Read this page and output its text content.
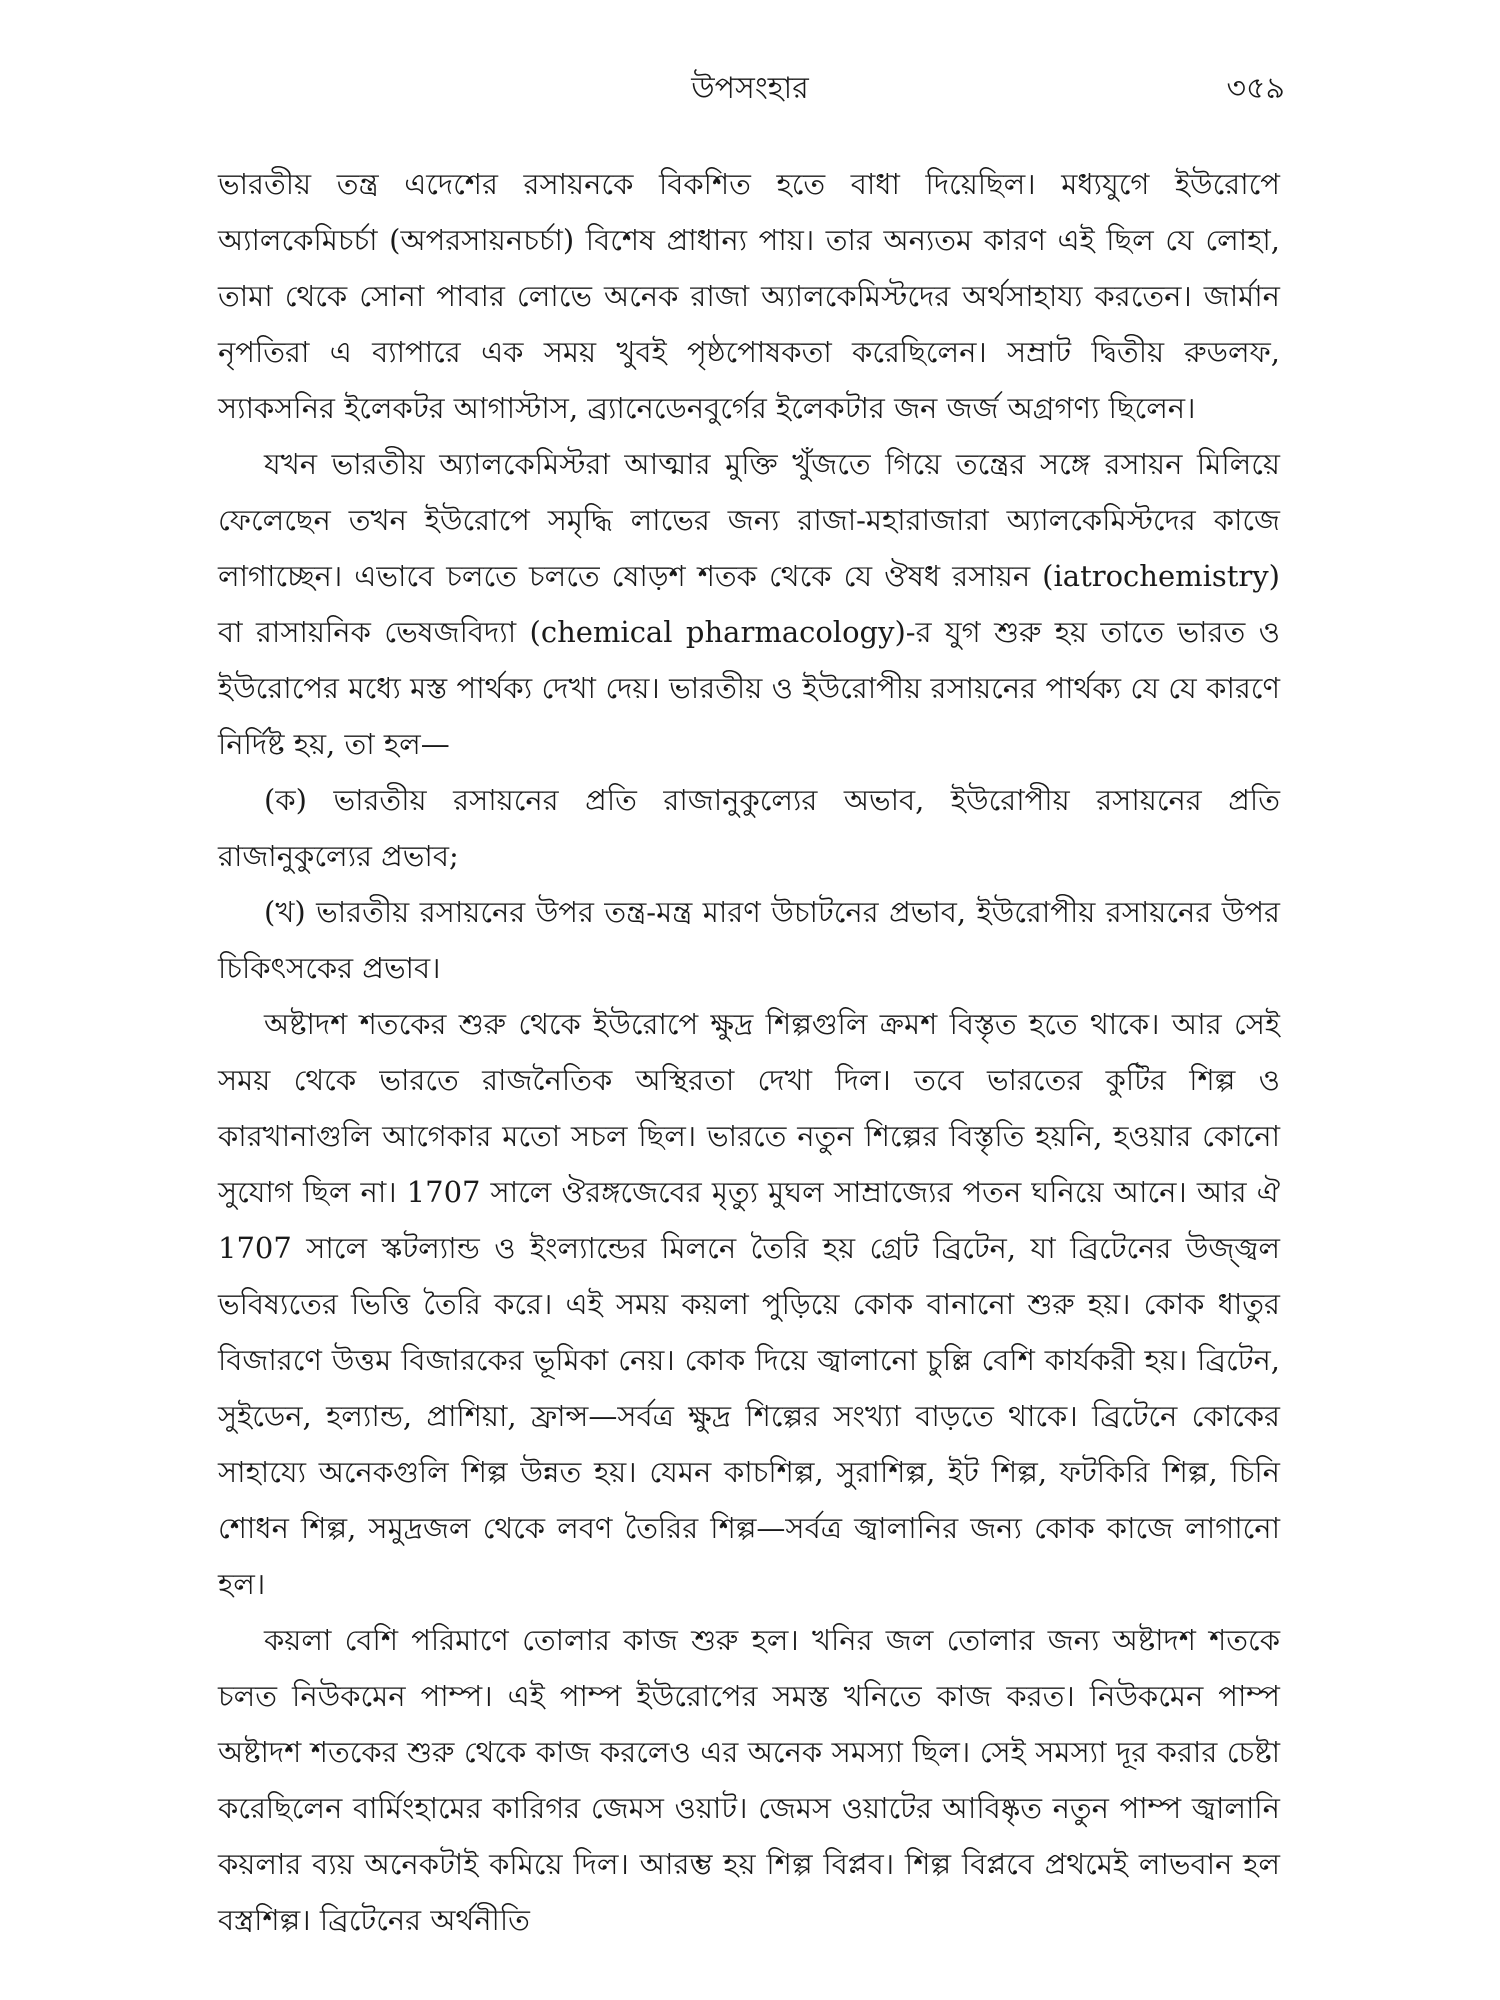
উপসংহার	৩৫৯

ভারতীয় তন্ত্র এদেশের রসায়নকে বিকশিত হতে বাধা দিয়েছিল। মধ্যযুগে ইউরোপে অ্যালকেমিচর্চা (অপরসায়নচর্চা) বিশেষ প্রাধান্য পায়। তার অন্যতম কারণ এই ছিল যে লোহা, তামা থেকে সোনা পাবার লোভে অনেক রাজা অ্যালকেমিস্টদের অর্থসাহায্য করতেন। জার্মান নৃপতিরা এ ব্যাপারে এক সময় খুবই পৃষ্ঠপোষকতা করেছিলেন। সম্রাট দ্বিতীয় রুডলফ, স্যাকসনির ইলেকটর আগাস্টাস, ব্র্যানেডেনবুর্গের ইলেকটার জন জর্জ অগ্রগণ্য ছিলেন।

যখন ভারতীয় অ্যালকেমিস্টরা আত্মার মুক্তি খুঁজতে গিয়ে তন্ত্রের সঙ্গে রসায়ন মিলিয়ে ফেলেছেন তখন ইউরোপে সমৃদ্ধি লাভের জন্য রাজা-মহারাজারা অ্যালকেমিস্টদের কাজে লাগাচ্ছেন। এভাবে চলতে চলতে ষোড়শ শতক থেকে যে ঔষধ রসায়ন (iatrochemistry) বা রাসায়নিক ভেষজবিদ্যা (chemical pharmacology)-র যুগ শুরু হয় তাতে ভারত ও ইউরোপের মধ্যে মস্ত পার্থক্য দেখা দেয়। ভারতীয় ও ইউরোপীয় রসায়নের পার্থক্য যে যে কারণে নির্দিষ্ট হয়, তা হল—

(ক) ভারতীয় রসায়নের প্রতি রাজানুকুল্যের অভাব, ইউরোপীয় রসায়নের প্রতি রাজানুকুল্যের প্রভাব;

(খ) ভারতীয় রসায়নের উপর তন্ত্র-মন্ত্র মারণ উচাটনের প্রভাব, ইউরোপীয় রসায়নের উপর চিকিৎসকের প্রভাব।

অষ্টাদশ শতকের শুরু থেকে ইউরোপে ক্ষুদ্র শিল্পগুলি ক্রমশ বিস্তৃত হতে থাকে। আর সেই সময় থেকে ভারতে রাজনৈতিক অস্থিরতা দেখা দিল। তবে ভারতের কুটির শিল্প ও কারখানাগুলি আগেকার মতো সচল ছিল। ভারতে নতুন শিল্পের বিস্তৃতি হয়নি, হওয়ার কোনো সুযোগ ছিল না। 1707 সালে ঔরঙ্গজেবের মৃত্যু মুঘল সাম্রাজ্যের পতন ঘনিয়ে আনে। আর ঐ 1707 সালে স্কটল্যান্ড ও ইংল্যান্ডের মিলনে তৈরি হয় গ্রেট ব্রিটেন, যা ব্রিটেনের উজ্জ্বল ভবিষ্যতের ভিত্তি তৈরি করে। এই সময় কয়লা পুড়িয়ে কোক বানানো শুরু হয়। কোক ধাতুর বিজারণে উত্তম বিজারকের ভূমিকা নেয়। কোক দিয়ে জ্বালানো চুল্লি বেশি কার্যকরী হয়। ব্রিটেন, সুইডেন, হল্যান্ড, প্রাশিয়া, ফ্রান্স—সর্বত্র ক্ষুদ্র শিল্পের সংখ্যা বাড়তে থাকে। ব্রিটেনে কোকের সাহায্যে অনেকগুলি শিল্প উন্নত হয়। যেমন কাচশিল্প, সুরাশিল্প, ইট শিল্প, ফটকিরি শিল্প, চিনি শোধন শিল্প, সমুদ্রজল থেকে লবণ তৈরির শিল্প—সর্বত্র জ্বালানির জন্য কোক কাজে লাগানো হল।

কয়লা বেশি পরিমাণে তোলার কাজ শুরু হল। খনির জল তোলার জন্য অষ্টাদশ শতকে চলত নিউকমেন পাম্প। এই পাম্প ইউরোপের সমস্ত খনিতে কাজ করত। নিউকমেন পাম্প অষ্টাদশ শতকের শুরু থেকে কাজ করলেও এর অনেক সমস্যা ছিল। সেই সমস্যা দূর করার চেষ্টা করেছিলেন বার্মিংহামের কারিগর জেমস ওয়াট। জেমস ওয়াটের আবিষ্কৃত নতুন পাম্প জ্বালানি কয়লার ব্যয় অনেকটাই কমিয়ে দিল। আরম্ভ হয় শিল্প বিপ্লব। শিল্প বিপ্লবে প্রথমেই লাভবান হল বস্ত্রশিল্প। ব্রিটেনের অর্থনীতি
